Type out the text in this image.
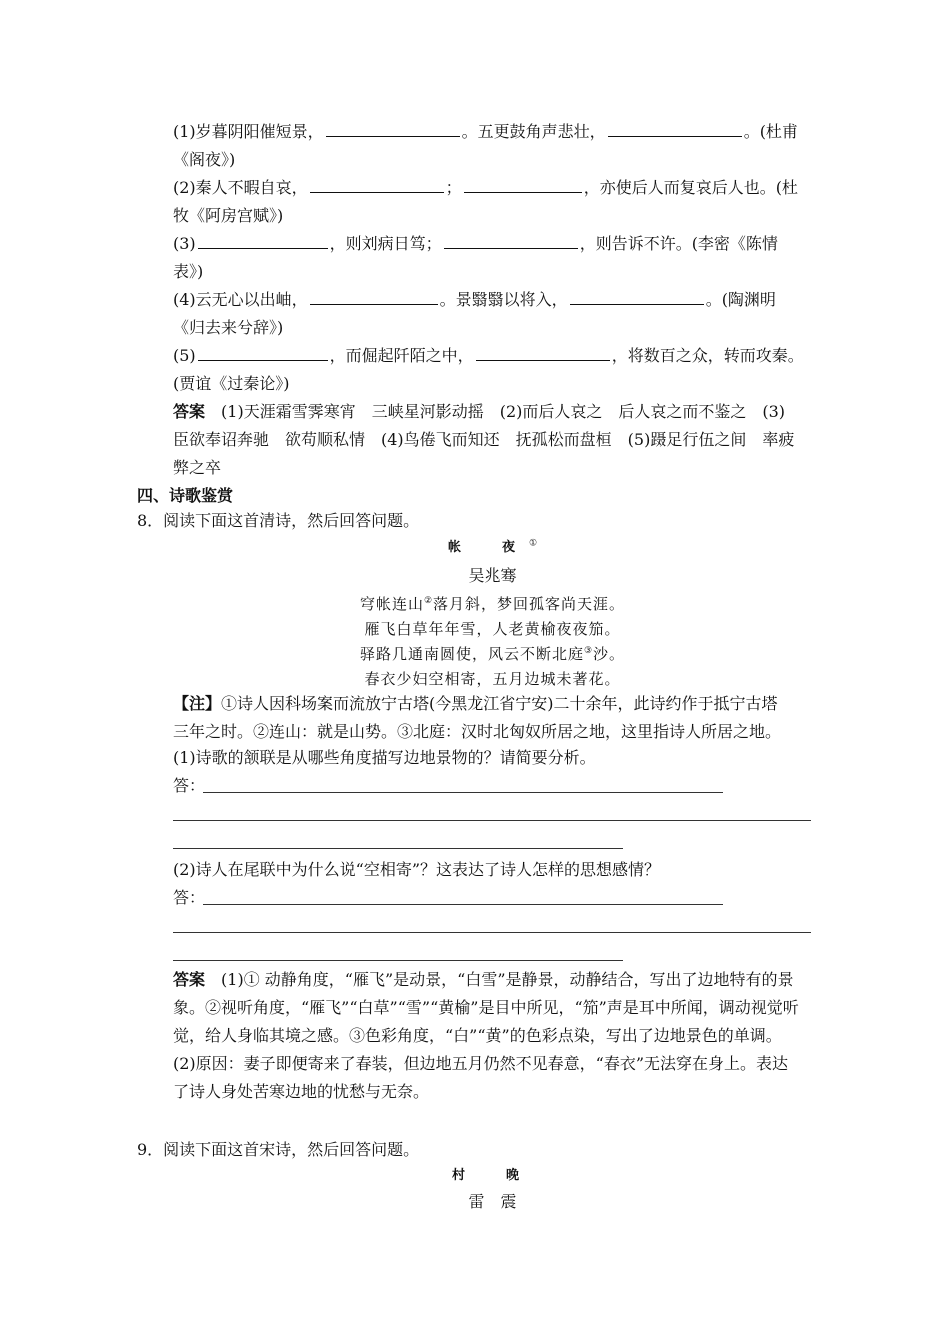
(1)岁暮阴阳催短景，	。五更鼓角声悲壮，	。(杜甫
《阁夜》)
(2)秦人不暇自哀，	；	，亦使后人而复哀后人也。(杜
牧《阿房宫赋》)
(3)	，则刘病日笃；	，则告诉不许。(李密《陈情
表》)
(4)云无心以出岫，	。景翳翳以将入，	。(陶渊明
《归去来兮辞》)
(5)	，而倔起阡陌之中，	，将数百之众，转而攻秦。
(贾谊《过秦论》)
答案　 (1)天涯霜雪霁寒宵　三峡星河影动摇　(2)而后人哀之　后人哀之而不鉴之　(3)
臣欲奉诏奔驰　欲苟顺私情　(4)鸟倦飞而知还　抚孤松而盘桓　(5)蹑足行伍之间　率疲
弊之卒
四、诗歌鉴赏
8．阅读下面这首清诗，然后回答问题。
帐　夜①
吴兆骞
穹帐连山②落月斜，梦回孤客尚天涯。
雁飞白草年年雪，人老黄榆夜夜笳。
驿路几通南圆使，风云不断北庭③沙。
春衣少妇空相寄，五月边城未著花。
【注】①诗人因科场案而流放宁古塔(今黑龙江省宁安)二十余年，此诗约作于抵宁古塔
三年之时。②连山：就是山势。③北庭：汉时北匈奴所居之地，这里指诗人所居之地。
(1)诗歌的颔联是从哪些角度描写边地景物的？请简要分析。
答：
(2)诗人在尾联中为什么说“空相寄”？这表达了诗人怎样的思想感情？
答：
答案　 (1)① 动静角度，“雁飞”是动景，“白雪”是静景，动静结合，写出了边地特有的景
象。②视听角度，“雁飞”“白草”“雪”“黄榆”是目中所见，“笳”声是耳中所闻，调动视觉听
觉，给人身临其境之感。③色彩角度，“白”“黄”的色彩点染，写出了边地景色的单调。
(2)原因：妻子即便寄来了春装，但边地五月仍然不见春意，“春衣”无法穿在身上。表达
了诗人身处苦寒边地的忧愁与无奈。
9．阅读下面这首宋诗，然后回答问题。
村　晚
雷　震
